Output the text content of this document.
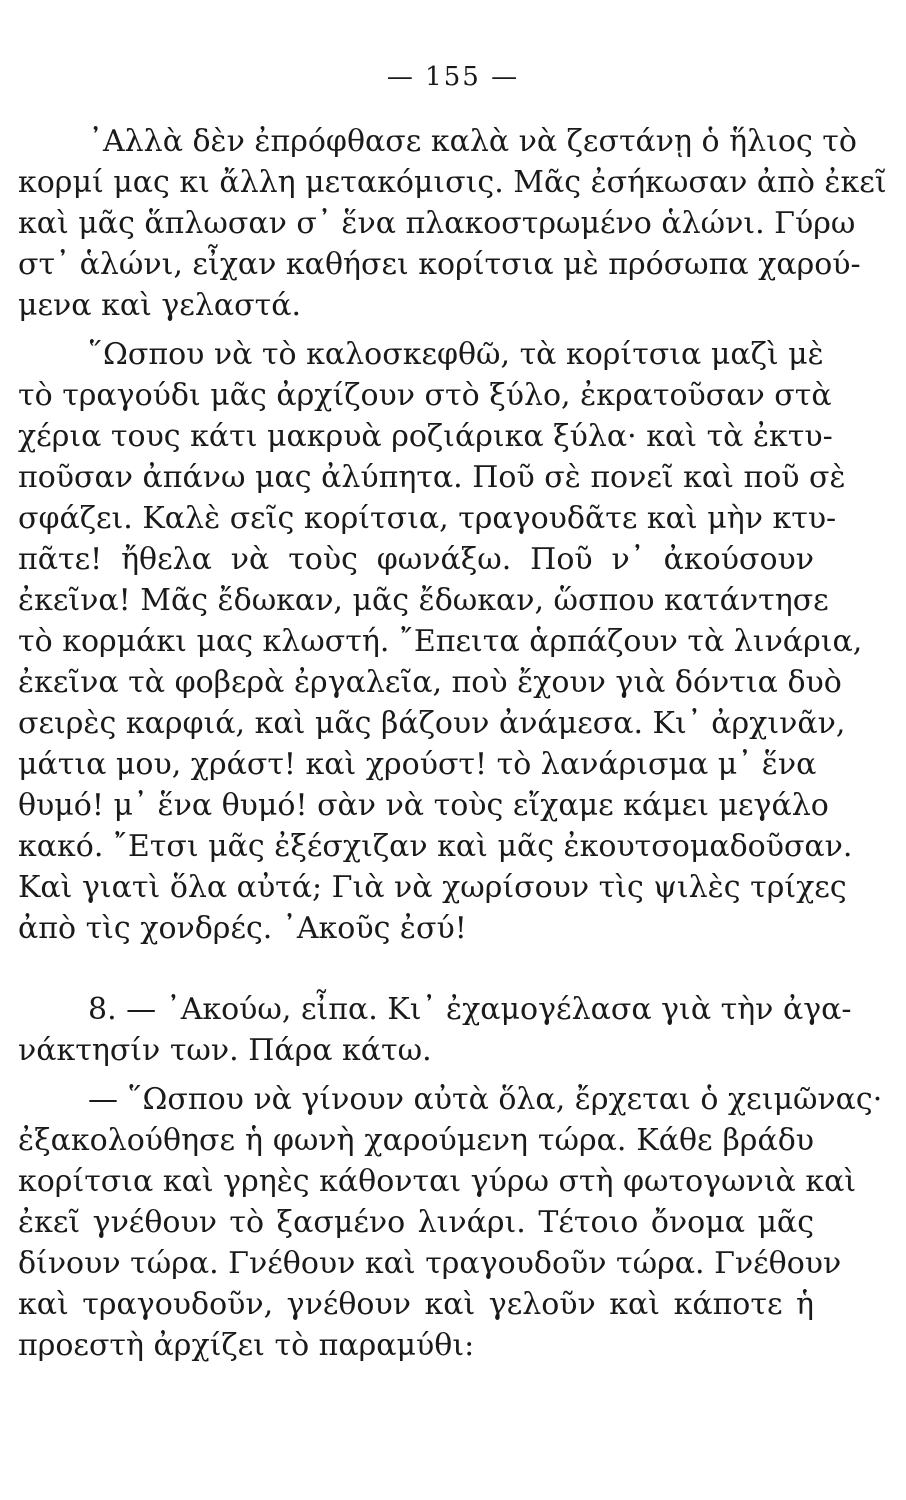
— 155 —
᾿Αλλὰ δὲν ἐπρόφθασε καλὰ νὰ ζεστάνῃ ὁ ἥλιος τὸ
κορμί μας κι ἄλλη μετακόμισις. Μᾶς ἐσήκωσαν ἀπὸ ἐκεῖ
καὶ μᾶς ἅπλωσαν σ᾿ ἕνα πλακοστρωμένο ἁλώνι. Γύρω
στ᾿ ἁλώνι, εἶχαν καθήσει κορίτσια μὲ πρόσωπα χαρού-
μενα καὶ γελαστά.
῞Ωσπου νὰ τὸ καλοσκεφθῶ, τὰ κορίτσια μαζὶ μὲ
τὸ τραγούδι μᾶς ἀρχίζουν στὸ ξύλο, ἐκρατοῦσαν στὰ
χέρια τους κάτι μακρυὰ ροζιάρικα ξύλα· καὶ τὰ ἐκτυ-
ποῦσαν ἀπάνω μας ἀλύπητα. Ποῦ σὲ πονεῖ καὶ ποῦ σὲ
σφάζει. Καλὲ σεῖς κορίτσια, τραγουδᾶτε καὶ μὴν κτυ-
πᾶτε! ἤθελα νὰ τοὺς φωνάξω. Ποῦ ν᾿ ἀκούσουν
ἐκεῖνα! Μᾶς ἔδωκαν, μᾶς ἔδωκαν, ὥσπου κατάντησε
τὸ κορμάκι μας κλωστή. ῎Επειτα ἁρπάζουν τὰ λινάρια,
ἐκεῖνα τὰ φοβερὰ ἐργαλεῖα, ποὺ ἔχουν γιὰ δόντια δυὸ
σειρὲς καρφιά, καὶ μᾶς βάζουν ἀνάμεσα. Κι᾿ ἀρχινᾶν,
μάτια μου, χράστ! καὶ χρούστ! τὸ λανάρισμα μ᾿ ἕνα
θυμό! μ᾿ ἕνα θυμό! σὰν νὰ τοὺς εἴχαμε κάμει μεγάλο
κακό. ῎Ετσι μᾶς ἐξέσχιζαν καὶ μᾶς ἐκουτσομαδοῦσαν.
Καὶ γιατὶ ὅλα αὐτά; Γιὰ νὰ χωρίσουν τὶς ψιλὲς τρίχες
ἀπὸ τὶς χονδρές. ᾿Ακοῦς ἐσύ!
8. — ᾿Ακούω, εἶπα. Κι᾿ ἐχαμογέλασα γιὰ τὴν ἀγα-
νάκτησίν των. Πάρα κάτω.
— ῞Ωσπου νὰ γίνουν αὐτὰ ὅλα, ἔρχεται ὁ χειμῶνας·
ἐξακολούθησε ἡ φωνὴ χαρούμενη τώρα. Κάθε βράδυ
κορίτσια καὶ γρηὲς κάθονται γύρω στὴ φωτογωνιὰ καὶ
ἐκεῖ γνέθουν τὸ ξασμένο λινάρι. Τέτοιο ὄνομα μᾶς
δίνουν τώρα. Γνέθουν καὶ τραγουδοῦν τώρα. Γνέθουν
καὶ τραγουδοῦν, γνέθουν καὶ γελοῦν καὶ κάποτε ἡ
προεστὴ ἀρχίζει τὸ παραμύθι:
